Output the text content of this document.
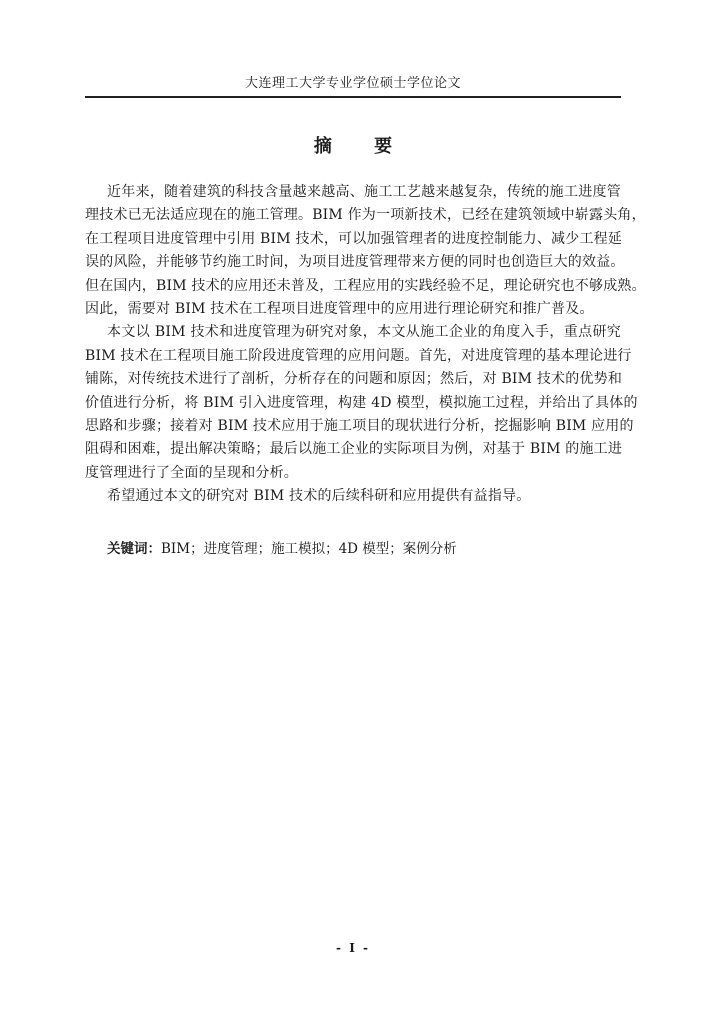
大连理工大学专业学位硕士学位论文
摘 要
近年来，随着建筑的科技含量越来越高、施工工艺越来越复杂，传统的施工进度管
理技术已无法适应现在的施工管理。BIM 作为一项新技术，已经在建筑领域中崭露头角，
在工程项目进度管理中引用 BIM 技术，可以加强管理者的进度控制能力、减少工程延
误的风险，并能够节约施工时间，为项目进度管理带来方便的同时也创造巨大的效益。
但在国内，BIM 技术的应用还未普及，工程应用的实践经验不足，理论研究也不够成熟。
因此，需要对 BIM 技术在工程项目进度管理中的应用进行理论研究和推广普及。
本文以 BIM 技术和进度管理为研究对象，本文从施工企业的角度入手，重点研究
BIM 技术在工程项目施工阶段进度管理的应用问题。首先，对进度管理的基本理论进行
铺陈，对传统技术进行了剖析，分析存在的问题和原因；然后，对 BIM 技术的优势和
价值进行分析，将 BIM 引入进度管理，构建 4D 模型，模拟施工过程，并给出了具体的
思路和步骤；接着对 BIM 技术应用于施工项目的现状进行分析，挖掘影响 BIM 应用的
阻碍和困难，提出解决策略；最后以施工企业的实际项目为例，对基于 BIM 的施工进
度管理进行了全面的呈现和分析。
希望通过本文的研究对 BIM 技术的后续科研和应用提供有益指导。
关键词：BIM；进度管理；施工模拟；4D 模型；案例分析
- I -
